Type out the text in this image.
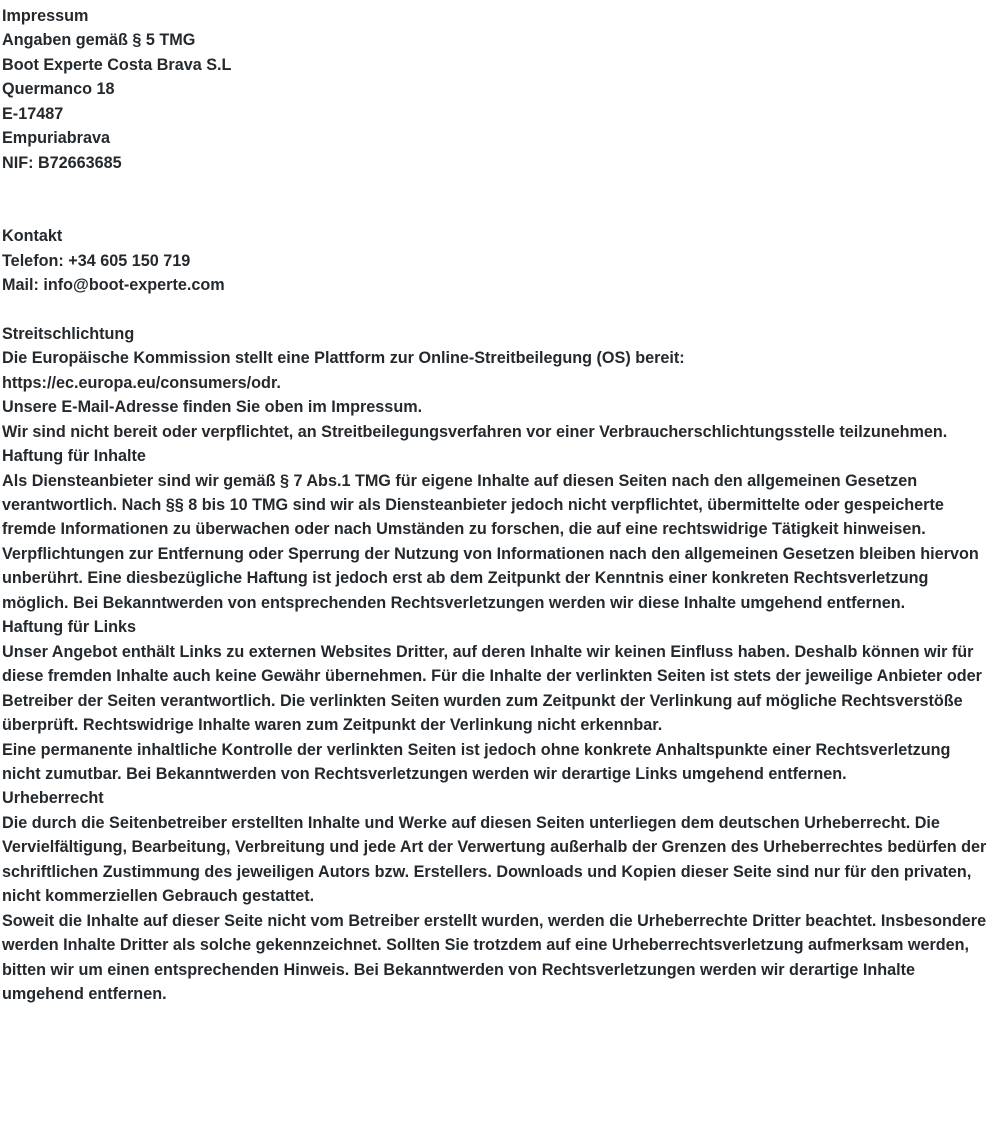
Impressum
Angaben gemäß § 5 TMG
Boot Experte Costa Brava S.L
Quermanco 18
E-17487
Empuriabrava
NIF: B72663685
Kontakt
Telefon: +34 605 150 719
Mail: info@boot-experte.com
Streitschlichtung
Die Europäische Kommission stellt eine Plattform zur Online-Streitbeilegung (OS) bereit:
https://ec.europa.eu/consumers/odr.
Unsere E-Mail-Adresse finden Sie oben im Impressum.
Wir sind nicht bereit oder verpflichtet, an Streitbeilegungsverfahren vor einer Verbraucherschlichtungsstelle teilzunehmen.
Haftung für Inhalte
Als Diensteanbieter sind wir gemäß § 7 Abs.1 TMG für eigene Inhalte auf diesen Seiten nach den allgemeinen Gesetzen verantwortlich. Nach §§ 8 bis 10 TMG sind wir als Diensteanbieter jedoch nicht verpflichtet, übermittelte oder gespeicherte fremde Informationen zu überwachen oder nach Umständen zu forschen, die auf eine rechtswidrige Tätigkeit hinweisen.
Verpflichtungen zur Entfernung oder Sperrung der Nutzung von Informationen nach den allgemeinen Gesetzen bleiben hiervon unberührt. Eine diesbezügliche Haftung ist jedoch erst ab dem Zeitpunkt der Kenntnis einer konkreten Rechtsverletzung möglich. Bei Bekanntwerden von entsprechenden Rechtsverletzungen werden wir diese Inhalte umgehend entfernen.
Haftung für Links
Unser Angebot enthält Links zu externen Websites Dritter, auf deren Inhalte wir keinen Einfluss haben. Deshalb können wir für diese fremden Inhalte auch keine Gewähr übernehmen. Für die Inhalte der verlinkten Seiten ist stets der jeweilige Anbieter oder Betreiber der Seiten verantwortlich. Die verlinkten Seiten wurden zum Zeitpunkt der Verlinkung auf mögliche Rechtsverstöße überprüft. Rechtswidrige Inhalte waren zum Zeitpunkt der Verlinkung nicht erkennbar.
Eine permanente inhaltliche Kontrolle der verlinkten Seiten ist jedoch ohne konkrete Anhaltspunkte einer Rechtsverletzung nicht zumutbar. Bei Bekanntwerden von Rechtsverletzungen werden wir derartige Links umgehend entfernen.
Urheberrecht
Die durch die Seitenbetreiber erstellten Inhalte und Werke auf diesen Seiten unterliegen dem deutschen Urheberrecht. Die Vervielfältigung, Bearbeitung, Verbreitung und jede Art der Verwertung außerhalb der Grenzen des Urheberrechtes bedürfen der schriftlichen Zustimmung des jeweiligen Autors bzw. Erstellers. Downloads und Kopien dieser Seite sind nur für den privaten, nicht kommerziellen Gebrauch gestattet.
Soweit die Inhalte auf dieser Seite nicht vom Betreiber erstellt wurden, werden die Urheberrechte Dritter beachtet. Insbesondere werden Inhalte Dritter als solche gekennzeichnet. Sollten Sie trotzdem auf eine Urheberrechtsverletzung aufmerksam werden, bitten wir um einen entsprechenden Hinweis. Bei Bekanntwerden von Rechtsverletzungen werden wir derartige Inhalte umgehend entfernen.
